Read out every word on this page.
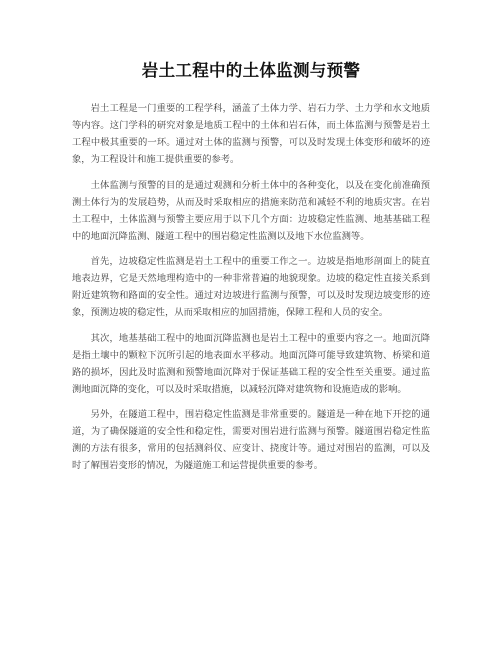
岩土工程中的土体监测与预警

岩土工程是一门重要的工程学科，涵盖了土体力学、岩石力学、土力学和水文地质等内容。这门学科的研究对象是地质工程中的土体和岩石体，而土体监测与预警是岩土工程中极其重要的一环。通过对土体的监测与预警，可以及时发现土体变形和破坏的迹象，为工程设计和施工提供重要的参考。

土体监测与预警的目的是通过观测和分析土体中的各种变化，以及在变化前准确预测土体行为的发展趋势，从而及时采取相应的措施来防范和减轻不利的地质灾害。在岩土工程中，土体监测与预警主要应用于以下几个方面：边坡稳定性监测、地基基础工程中的地面沉降监测、隧道工程中的围岩稳定性监测以及地下水位监测等。

首先，边坡稳定性监测是岩土工程中的重要工作之一。边坡是指地形剖面上的陡直地表边界，它是天然地理构造中的一种非常普遍的地貌现象。边坡的稳定性直接关系到附近建筑物和路面的安全性。通过对边坡进行监测与预警，可以及时发现边坡变形的迹象，预测边坡的稳定性，从而采取相应的加固措施，保障工程和人员的安全。

其次，地基基础工程中的地面沉降监测也是岩土工程中的重要内容之一。地面沉降是指土壤中的颗粒下沉所引起的地表面水平移动。地面沉降可能导致建筑物、桥梁和道路的损坏，因此及时监测和预警地面沉降对于保证基础工程的安全性至关重要。通过监测地面沉降的变化，可以及时采取措施，以减轻沉降对建筑物和设施造成的影响。

另外，在隧道工程中，围岩稳定性监测是非常重要的。隧道是一种在地下开挖的通道，为了确保隧道的安全性和稳定性，需要对围岩进行监测与预警。隧道围岩稳定性监测的方法有很多，常用的包括测斜仪、应变计、挠度计等。通过对围岩的监测，可以及时了解围岩变形的情况，为隧道施工和运营提供重要的参考。
